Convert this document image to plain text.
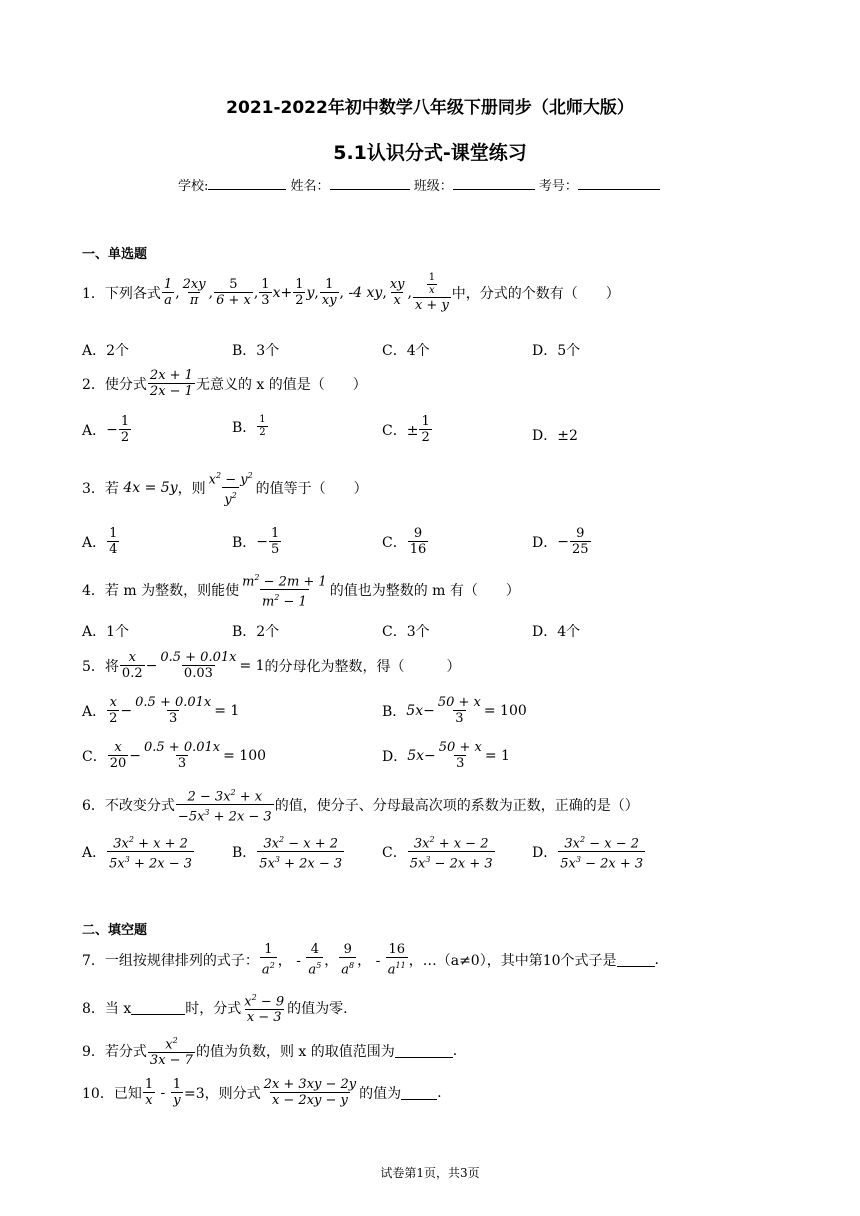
2021-2022年初中数学八年级下册同步（北师大版）
5.1认识分式-课堂练习
学校:	姓名：	班级：	考号：
一、单选题
1．下列各式 $\frac{1}{a}$ , $\frac{2xy}{\pi}$ , $\frac{5}{6 + x}$ , $\frac{1}{3}$ $x + \frac{1}{2}$ y , $\frac{1}{xy}$ , -4 xy , $\frac{xy}{x}$ , $\frac{\frac{1}{x}}{x + y}$ 中，分式的个数有（　　）
A．2个	B．3个	C．4个	D．5个
2．使分式 $\frac{2x + 1}{2x - 1}$ 无意义的 x 的值是（　　）
A． − $\frac{1}{2}$	B． $\frac{1}{2}$	C．± $\frac{1}{2}$	D．±2
3．若
4x = 5y ，则 $\frac{x^2 - y^2}{y^2}$ 的值等于（　　）
A． $\frac{1}{4}$	B． − $\frac{1}{5}$	C． $\frac{9}{16}$	D． − $\frac{9}{25}$
4．若 m 为整数，则能使 $\frac{m^2 - 2m + 1}{m^2 - 1}$ 的值也为整数的 m 有（　　）
A．1个	B．2个	C．3个	D．4个
5．将 $\frac{x}{0.2} - \frac{0.5 + 0.01x}{0.03} = 1$ 的分母化为整数，得（　　　）
A． $\frac{x}{2} - \frac{0.5 + 0.01x}{3} = 1$	B． $5x - \frac{50 + x}{3} = 100$
C． $\frac{x}{20} - \frac{0.5 + 0.01x}{3} = 100$	D． $5x - \frac{50 + x}{3} = 1$
6．不改变分式 $\frac{2 - 3x^2 + x}{-5x^3 + 2x - 3}$ 的值，使分子、分母最高次项的系数为正数，正确的是（）
A． $\frac{3x^2 + x + 2}{5x^3 + 2x - 3}$	B． $\frac{3x^2 - x + 2}{5x^3 + 2x - 3}$	C． $\frac{3x^2 + x - 2}{5x^3 - 2x + 3}$	D． $\frac{3x^2 - x - 2}{5x^3 - 2x + 3}$
二、填空题
7．一组按规律排列的式子： $\frac{1}{a^2}$ ， - $\frac{4}{a^5}$ ， $\frac{9}{a^8}$ ， - $\frac{16}{a^{11}}$ ，…（a≠0），其中第10个式子是	.
8．当 x	时，分式 $\frac{x^2 - 9}{x - 3}$ 的值为零.
9．若分式 $\frac{x^2}{3x - 7}$ 的值为负数，则 x 的取值范围为	.
10．已知 $\frac{1}{x} - \frac{1}{y} =3$，则分式 $\frac{2x + 3xy - 2y}{x - 2xy - y}$ 的值为	.
试卷第1页，共3页
